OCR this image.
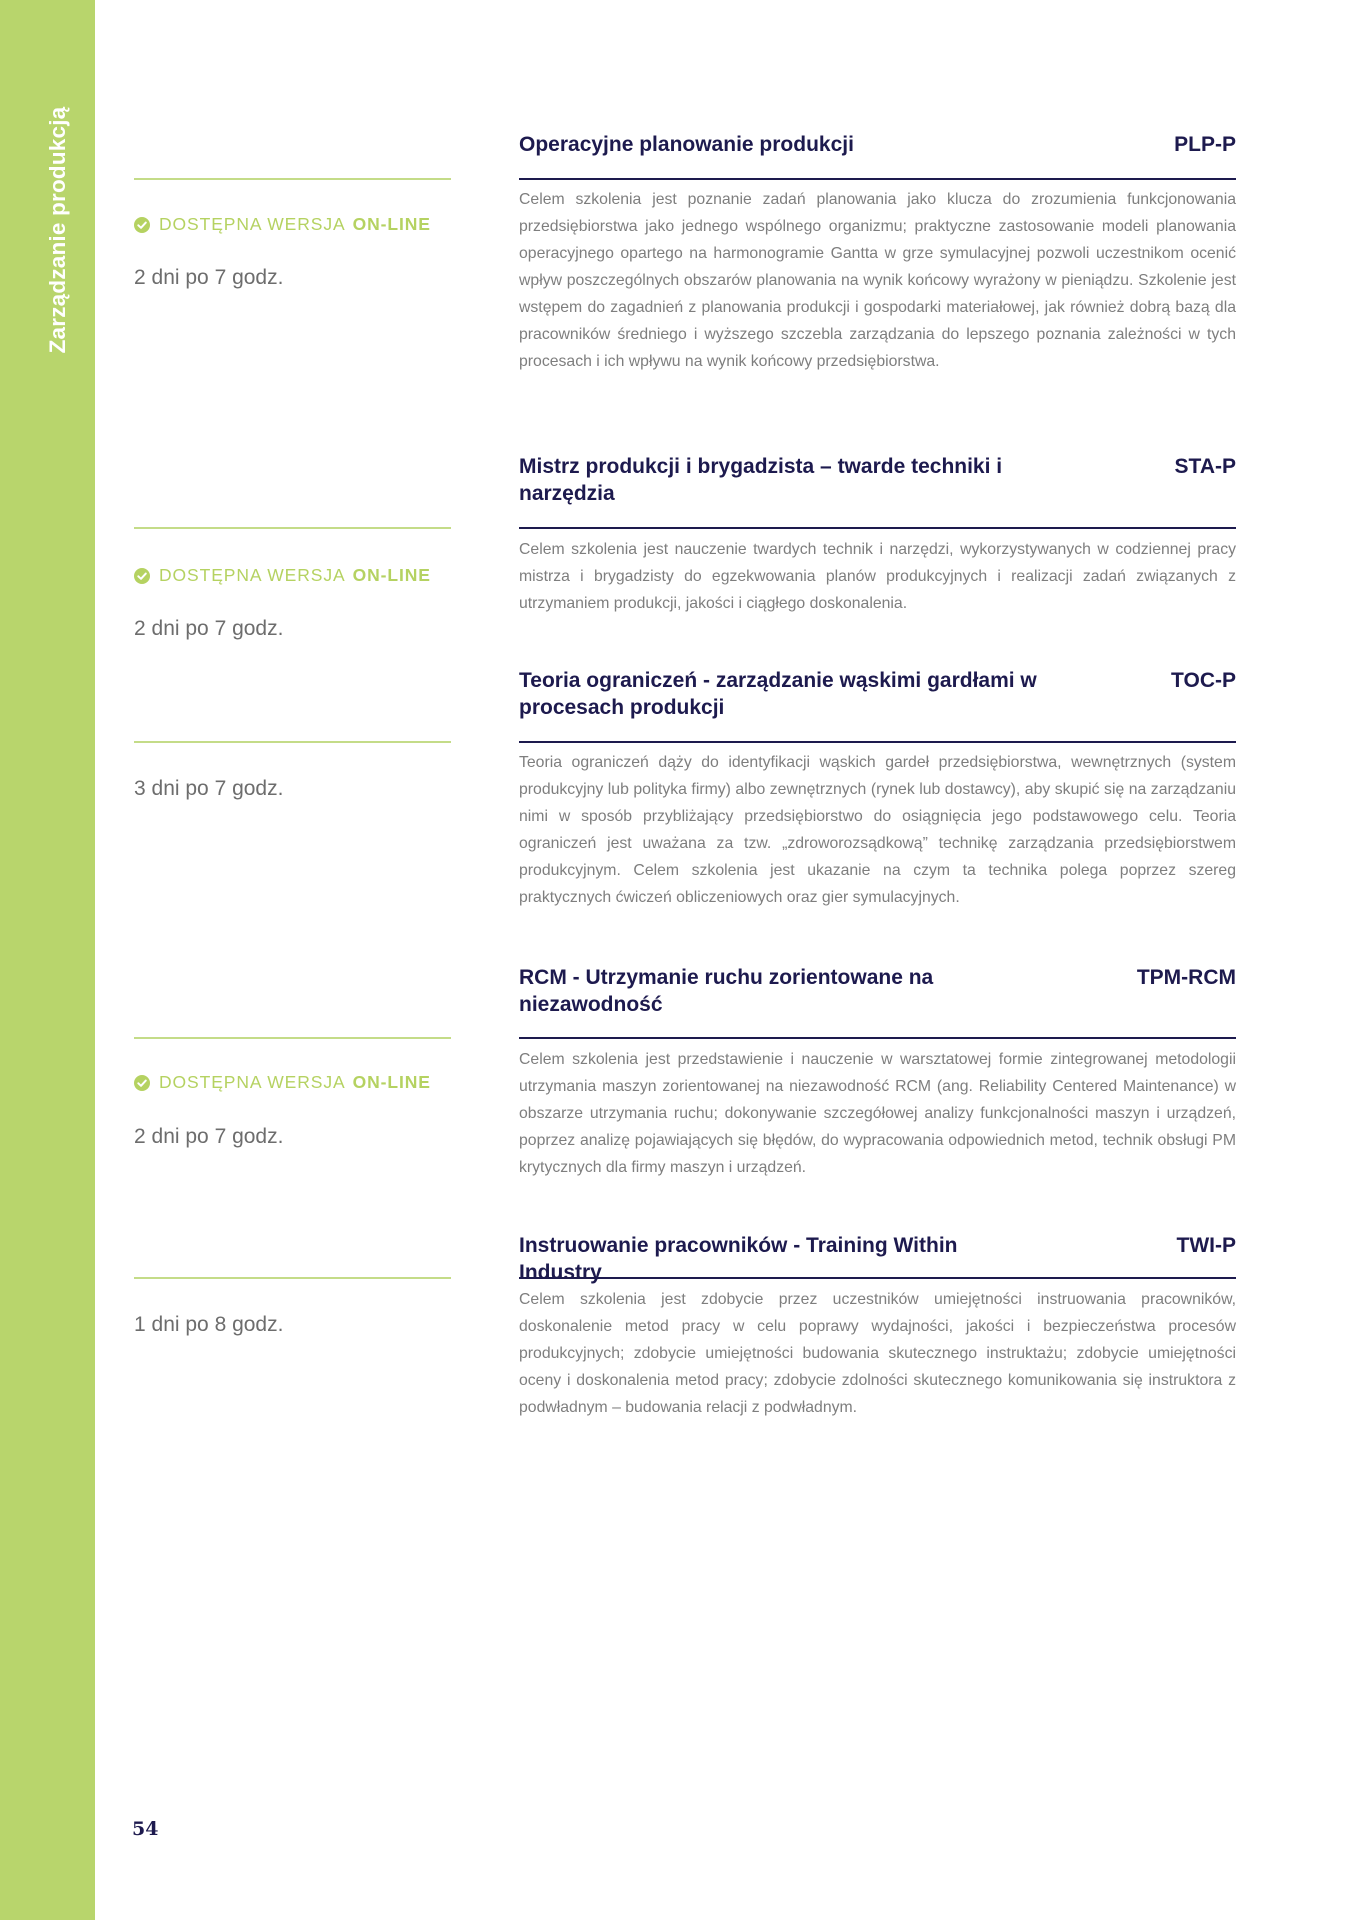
Zarządzanie produkcją	Operacyjne planowanie produkcji	PLP-P
Celem szkolenia jest poznanie zadań planowania jako klucza do zrozumienia funkcjonowania przedsiębiorstwa jako jednego wspólnego organizmu; praktyczne zastosowanie modeli planowania operacyjnego opartego na harmonogramie Gantta w grze symulacyjnej pozwoli uczestnikom ocenić wpływ poszczególnych obszarów planowania na wynik końcowy wyrażony w pieniądzu. Szkolenie jest wstępem do zagadnień z planowania produkcji i gospodarki materiałowej, jak również dobrą bazą dla pracowników średniego i wyższego szczebla zarządzania do lepszego poznania zależności w tych procesach i ich wpływu na wynik końcowy przedsiębiorstwa.
2 dni po 7 godz.
DOSTĘPNA WERSJA ON-LINE
Mistrz produkcji i brygadzista – twarde techniki i narzędzia
STA-P
Celem szkolenia jest nauczenie twardych technik i narzędzi, wykorzystywanych w codziennej pracy mistrza i brygadzisty do egzekwowania planów produkcyjnych i realizacji zadań związanych z utrzymaniem produkcji, jakości i ciągłego doskonalenia.
2 dni po 7 godz.
DOSTĘPNA WERSJA ON-LINE
Teoria ograniczeń - zarządzanie wąskimi gardłami w procesach produkcji
TOC-P
Teoria ograniczeń dąży do identyfikacji wąskich gardeł przedsiębiorstwa, wewnętrznych (system produkcyjny lub polityka firmy) albo zewnętrznych (rynek lub dostawcy), aby skupić się na zarządzaniu nimi w sposób przybliżający przedsiębiorstwo do osiągnięcia jego podstawowego celu. Teoria ograniczeń jest uważana za tzw. „zdroworozsądkową” technikę zarządzania przedsiębiorstwem produkcyjnym. Celem szkolenia jest ukazanie na czym ta technika polega poprzez szereg praktycznych ćwiczeń obliczeniowych oraz gier symulacyjnych.
3 dni po 7 godz.
RCM - Utrzymanie ruchu zorientowane na niezawodność
TPM-RCM
Celem szkolenia jest przedstawienie i nauczenie w warsztatowej formie zintegrowanej metodologii utrzymania maszyn zorientowanej na niezawodność RCM (ang. Reliability Centered Maintenance) w obszarze utrzymania ruchu; dokonywanie szczegółowej analizy funkcjonalności maszyn i urządzeń, poprzez analizę pojawiających się błędów, do wypracowania odpowiednich metod, technik obsługi PM krytycznych dla firmy maszyn i urządzeń.
2 dni po 7 godz.
DOSTĘPNA WERSJA ON-LINE
Instruowanie pracowników - Training Within Industry
TWI-P
Celem szkolenia jest zdobycie przez uczestników umiejętności instruowania pracowników, doskonalenie metod pracy w celu poprawy wydajności, jakości i bezpieczeństwa procesów produkcyjnych; zdobycie umiejętności budowania skutecznego instruktażu; zdobycie umiejętności oceny i doskonalenia metod pracy; zdobycie zdolności skutecznego komunikowania się instruktora z podwładnym – budowania relacji z podwładnym.
1 dni po 8 godz.
54
